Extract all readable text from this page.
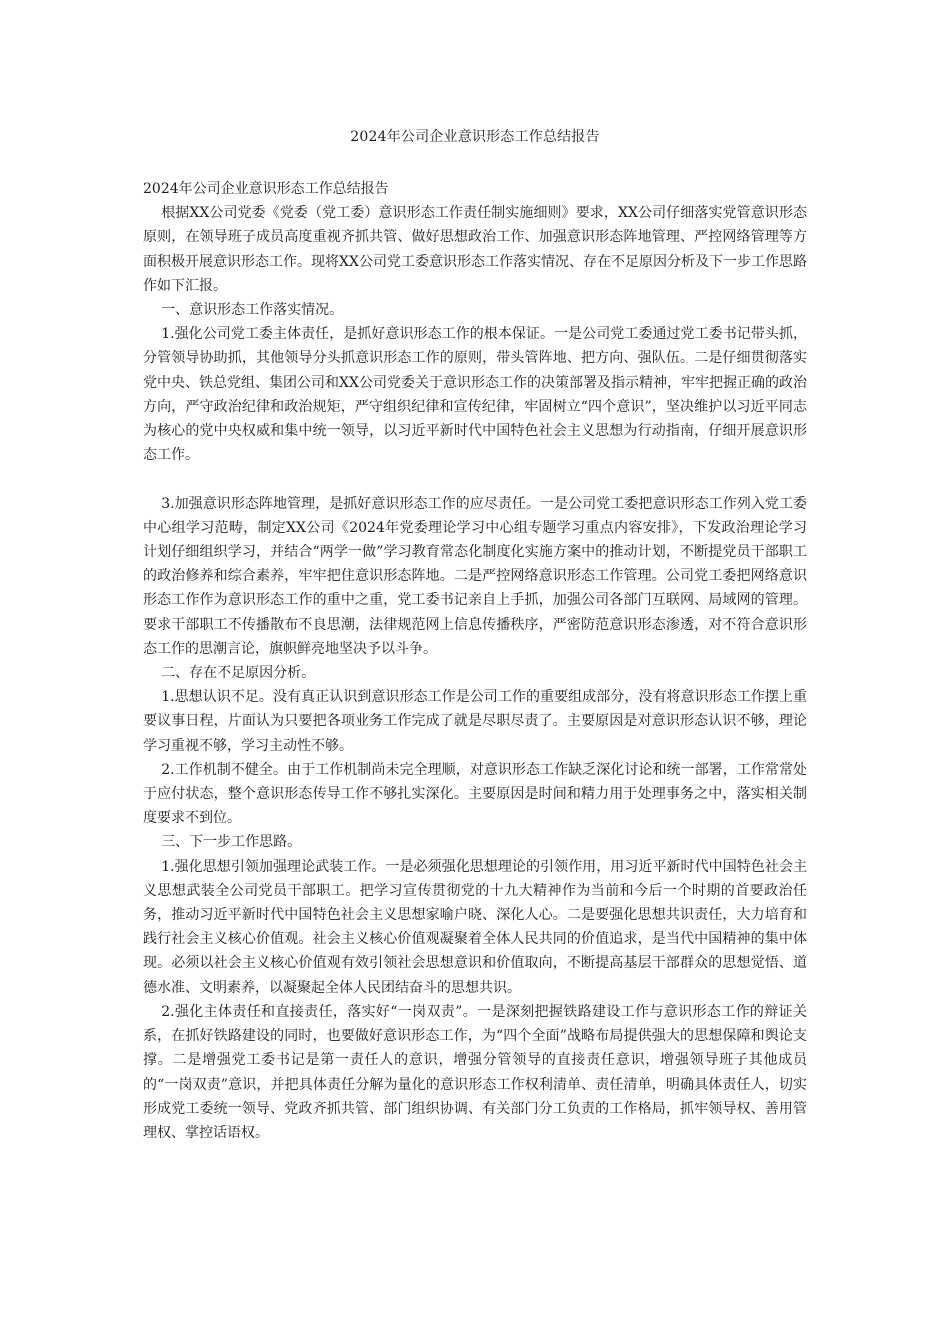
2024年公司企业意识形态工作总结报告

2024年公司企业意识形态工作总结报告

根据XX公司党委《党委（党工委）意识形态工作责任制实施细则》要求，XX公司仔细落实党管意识形态原则，在领导班子成员高度重视齐抓共管、做好思想政治工作、加强意识形态阵地管理、严控网络管理等方面积极开展意识形态工作。现将XX公司党工委意识形态工作落实情况、存在不足原因分析及下一步工作思路作如下汇报。

一、意识形态工作落实情况。

1.强化公司党工委主体责任，是抓好意识形态工作的根本保证。一是公司党工委通过党工委书记带头抓，分管领导协助抓，其他领导分头抓意识形态工作的原则，带头管阵地、把方向、强队伍。二是仔细贯彻落实党中央、铁总党组、集团公司和XX公司党委关于意识形态工作的决策部署及指示精神，牢牢把握正确的政治方向，严守政治纪律和政治规矩，严守组织纪律和宣传纪律，牢固树立“四个意识”，坚决维护以习近平同志为核心的党中央权威和集中统一领导，以习近平新时代中国特色社会主义思想为行动指南，仔细开展意识形态工作。

3.加强意识形态阵地管理，是抓好意识形态工作的应尽责任。一是公司党工委把意识形态工作列入党工委中心组学习范畴，制定XX公司《2024年党委理论学习中心组专题学习重点内容安排》，下发政治理论学习计划仔细组织学习，并结合“两学一做”学习教育常态化制度化实施方案中的推动计划，不断提党员干部职工的政治修养和综合素养，牢牢把住意识形态阵地。二是严控网络意识形态工作管理。公司党工委把网络意识形态工作作为意识形态工作的重中之重，党工委书记亲自上手抓，加强公司各部门互联网、局域网的管理。要求干部职工不传播散布不良思潮，法律规范网上信息传播秩序，严密防范意识形态渗透，对不符合意识形态工作的思潮言论，旗帜鲜亮地坚决予以斗争。

二、存在不足原因分析。

1.思想认识不足。没有真正认识到意识形态工作是公司工作的重要组成部分，没有将意识形态工作摆上重要议事日程，片面认为只要把各项业务工作完成了就是尽职尽责了。主要原因是对意识形态认识不够，理论学习重视不够，学习主动性不够。

2.工作机制不健全。由于工作机制尚未完全理顺，对意识形态工作缺乏深化讨论和统一部署，工作常常处于应付状态，整个意识形态传导工作不够扎实深化。主要原因是时间和精力用于处理事务之中，落实相关制度要求不到位。

三、下一步工作思路。

1.强化思想引领加强理论武装工作。一是必须强化思想理论的引领作用，用习近平新时代中国特色社会主义思想武装全公司党员干部职工。把学习宣传贯彻党的十九大精神作为当前和今后一个时期的首要政治任务，推动习近平新时代中国特色社会主义思想家喻户晓、深化人心。二是要强化思想共识责任，大力培育和践行社会主义核心价值观。社会主义核心价值观凝聚着全体人民共同的价值追求，是当代中国精神的集中体现。必须以社会主义核心价值观有效引领社会思想意识和价值取向，不断提高基层干部群众的思想觉悟、道德水准、文明素养，以凝聚起全体人民团结奋斗的思想共识。

2.强化主体责任和直接责任，落实好“一岗双责”。一是深刻把握铁路建设工作与意识形态工作的辩证关系，在抓好铁路建设的同时，也要做好意识形态工作，为“四个全面”战略布局提供强大的思想保障和舆论支撑。二是增强党工委书记是第一责任人的意识，增强分管领导的直接责任意识，增强领导班子其他成员的“一岗双责”意识，并把具体责任分解为量化的意识形态工作权利清单、责任清单，明确具体责任人，切实形成党工委统一领导、党政齐抓共管、部门组织协调、有关部门分工负责的工作格局，抓牢领导权、善用管理权、掌控话语权。
